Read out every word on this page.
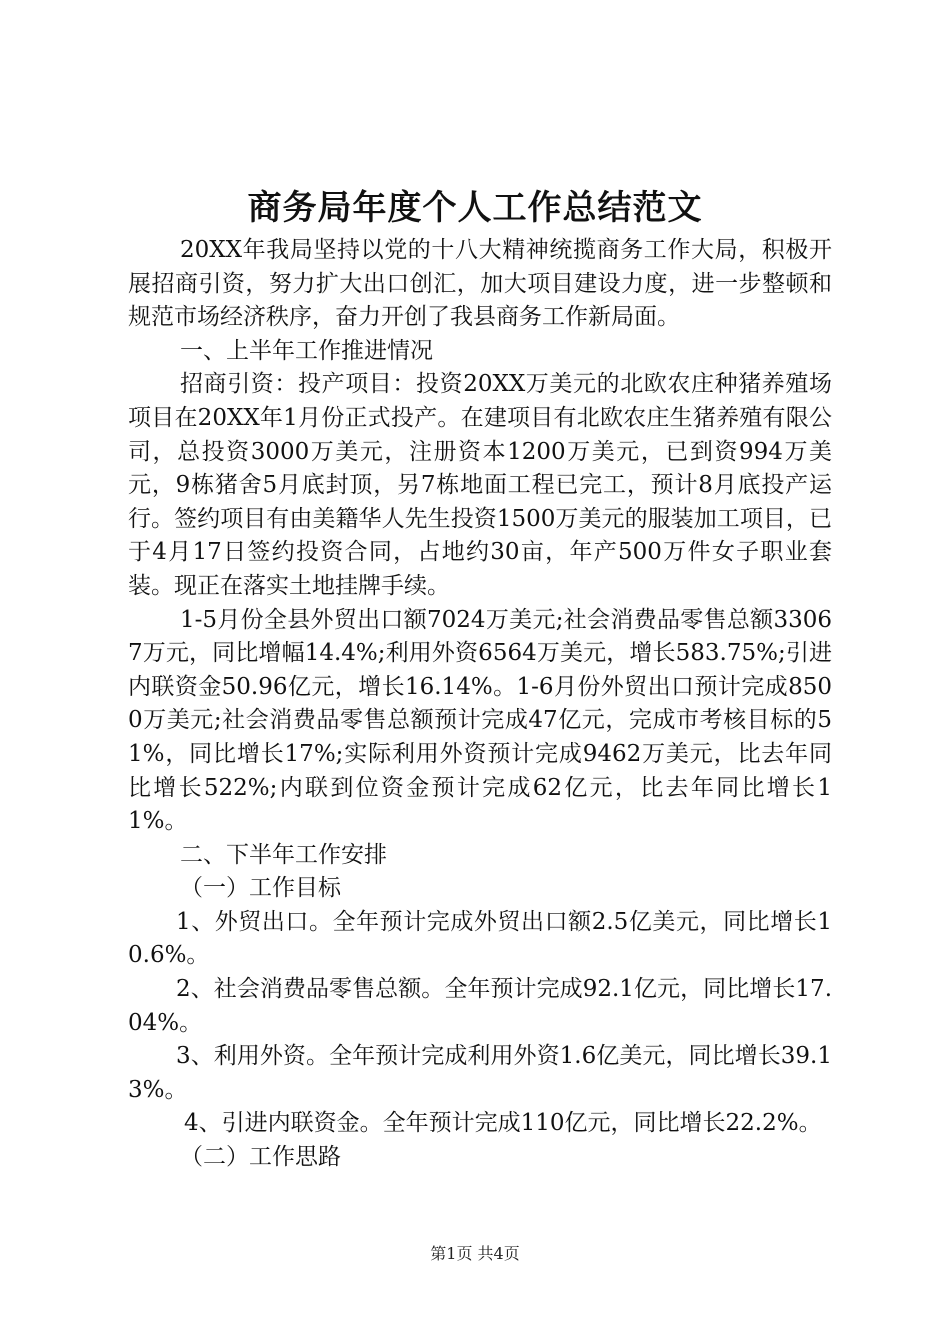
商务局年度个人工作总结范文

20XX年我局坚持以党的十八大精神统揽商务工作大局，积极开展招商引资，努力扩大出口创汇，加大项目建设力度，进一步整顿和规范市场经济秩序，奋力开创了我县商务工作新局面。

一、上半年工作推进情况

招商引资：投产项目：投资20XX万美元的北欧农庄种猪养殖场项目在20XX年1月份正式投产。在建项目有北欧农庄生猪养殖有限公司，总投资3000万美元，注册资本1200万美元，已到资994万美元，9栋猪舍5月底封顶，另7栋地面工程已完工，预计8月底投产运行。签约项目有由美籍华人先生投资1500万美元的服装加工项目，已于4月17日签约投资合同，占地约30亩，年产500万件女子职业套装。现正在落实土地挂牌手续。

1-5月份全县外贸出口额7024万美元;社会消费品零售总额33067万元，同比增幅14.4%;利用外资6564万美元，增长583.75%;引进内联资金50.96亿元，增长16.14%。1-6月份外贸出口预计完成8500万美元;社会消费品零售总额预计完成47亿元，完成市考核目标的51%，同比增长17%;实际利用外资预计完成9462万美元，比去年同比增长522%;内联到位资金预计完成62亿元，比去年同比增长11%。

二、下半年工作安排

（一）工作目标

1、外贸出口。全年预计完成外贸出口额2.5亿美元，同比增长10.6%。

2、社会消费品零售总额。全年预计完成92.1亿元，同比增长17.04%。

3、利用外资。全年预计完成利用外资1.6亿美元，同比增长39.13%。

4、引进内联资金。全年预计完成110亿元，同比增长22.2%。

（二）工作思路

第1页 共4页
